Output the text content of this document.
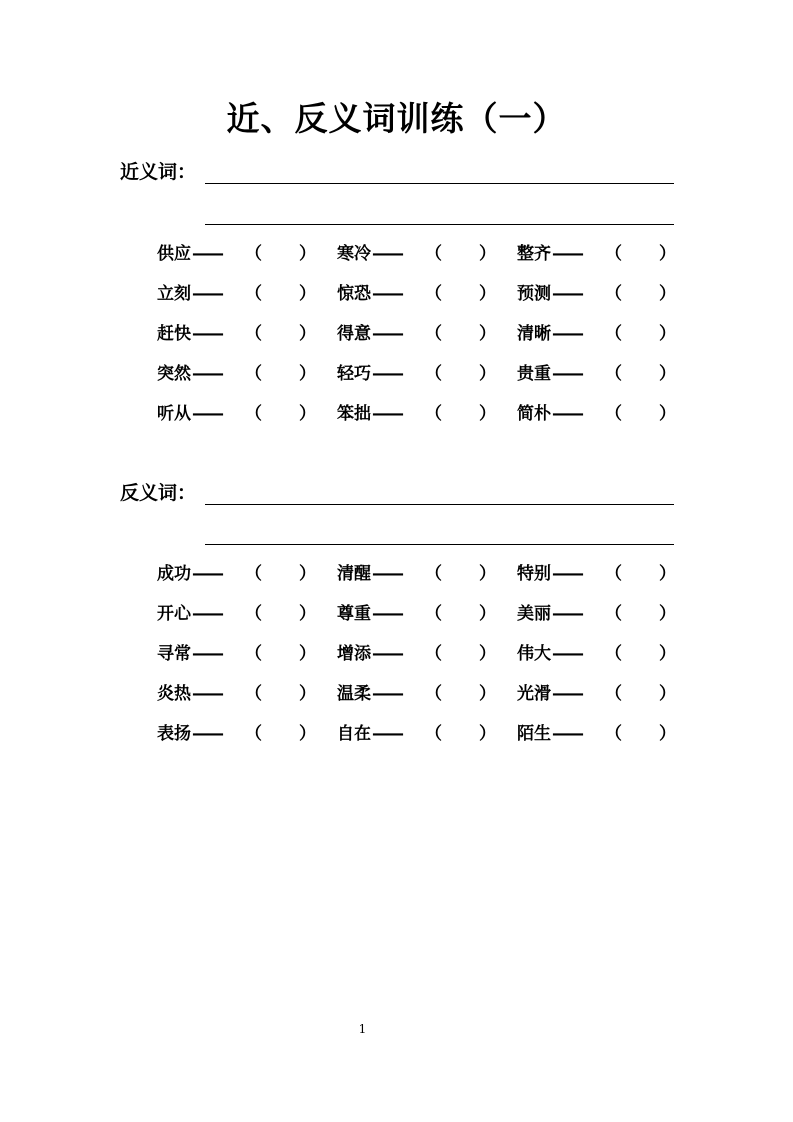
近、反义词训练（一）
近义词：
供应 —— （ ） 寒冷 —— （ ） 整齐 —— （ ）
立刻 —— （ ） 惊恐 —— （ ） 预测 —— （ ）
赶快 —— （ ） 得意 —— （ ） 清晰 —— （ ）
突然 —— （ ） 轻巧 —— （ ） 贵重 —— （ ）
听从 —— （ ） 笨拙 —— （ ） 简朴 —— （ ）
反义词：
成功 —— （ ） 清醒 —— （ ） 特别 —— （ ）
开心 —— （ ） 尊重 —— （ ） 美丽 —— （ ）
寻常 —— （ ） 增添 —— （ ） 伟大 —— （ ）
炎热 —— （ ） 温柔 —— （ ） 光滑 —— （ ）
表扬 —— （ ） 自在 —— （ ） 陌生 —— （ ）
1
